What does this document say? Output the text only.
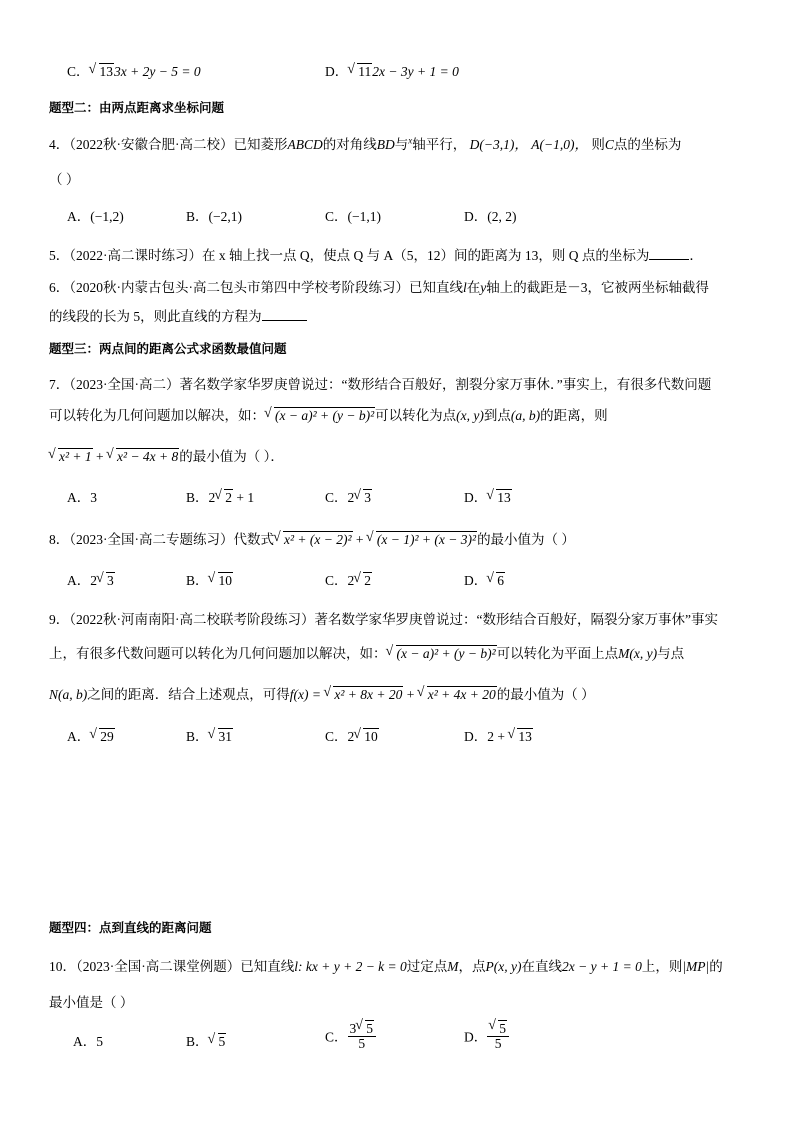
C． √ 133x + 2y − 5 = 0	D． √ 112x − 3y + 1 = 0
题型二：由两点距离求坐标问题
4．（2022秋·安徽合肥·高二校）已知菱形ABCD的对角线BD与$^x$轴平行， D(−3,1)， A(−1,0)， 则C点的坐标为
（ ）
A．(−1,2)	B．(−2,1)	C．(−1,1)	D．(2, 2)
5．（2022·高二课时练习）在 x 轴上找一点 Q，使点 Q 与 A（5，12）间的距离为 13，则 Q 点的坐标为	．
6．（2020秋·内蒙古包头·高二包头市第四中学校考阶段练习）已知直线l在y轴上的截距是－3，它被两坐标轴截得
的线段的长为 5，则此直线的方程为
题型三：两点间的距离公式求函数最值问题
7．（2023·全国·高二）著名数学家华罗庚曾说过：“数形结合百般好，割裂分家万事休．”事实上，有很多代数问题
可以转化为几何问题加以解决，如： √ (x − a)² + (y − b)²可以转化为点(x, y)到点(a, b)的距离，则
√ x² + 1 + √ x² − 4x + 8的最小值为（ ）．
A．3	B．2 √ 2 + 1	C．2 √ 3	D． √ 13
8．（2023·全国·高二专题练习）代数式 √ x² + (x − 2)² + √ (x − 1)² + (x − 3)²的最小值为（ ）
A．2 √ 3	B． √ 10	C．2 √ 2	D． √ 6
9．（2022秋·河南南阳·高二校联考阶段练习）著名数学家华罗庚曾说过：“数形结合百般好，隔裂分家万事休”事实
上，有很多代数问题可以转化为几何问题加以解决，如： √ (x − a)² + (y − b)²可以转化为平面上点M(x, y)与点
N(a, b)之间的距离．结合上述观点，可得f(x) = √ x² + 8x + 20 + √ x² + 4x + 20的最小值为（ ）
A． √ 29	B． √ 31	C．2 √ 10	D．2 + √ 13
题型四：点到直线的距离问题
10．（2023·全国·高二课堂例题）已知直线l: kx + y + 2 − k = 0过定点M，点P(x, y)在直线2x − y + 1 = 0上，则|MP|的
最小值是（ ）
A．5	B． √ 5	C． $\frac{3 √ 5}{5}$	D． √ $\frac{5}{5}$
